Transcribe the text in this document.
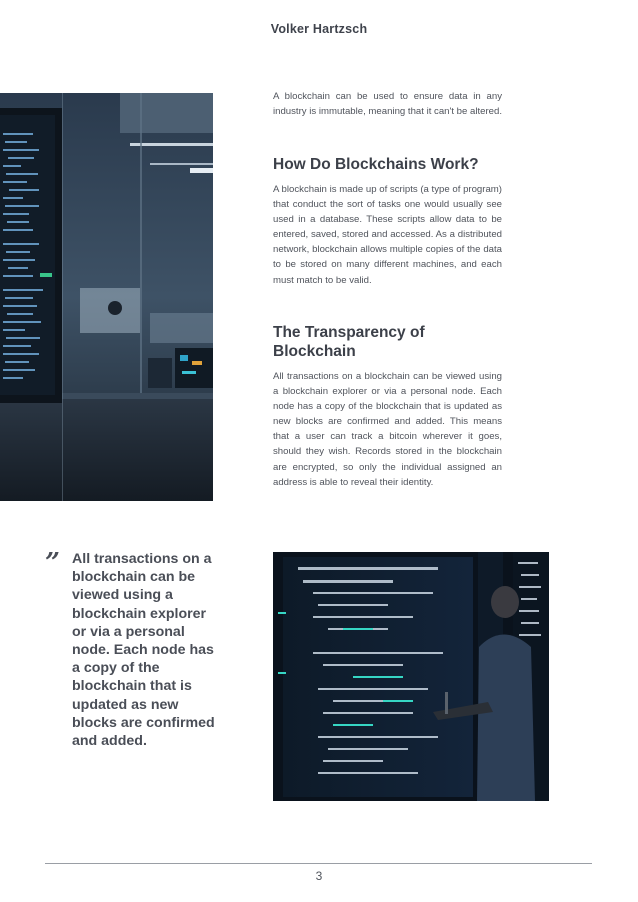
Volker Hartzsch

A blockchain can be used to ensure data in any industry is immutable, meaning that it can't be altered.

How Do Blockchains Work?

A blockchain is made up of scripts (a type of program) that conduct the sort of tasks one would usually see used in a database. These scripts allow data to be entered, saved, stored and accessed. As a distributed network, blockchain allows multiple copies of the data to be stored on many different machines, and each must match to be valid.

The Transparency of Blockchain

All transactions on a blockchain can be viewed using a blockchain explorer or via a personal node. Each node has a copy of the blockchain that is updated as new blocks are confirmed and added. This means that a user can track a bitcoin wherever it goes, should they wish. Records stored in the blockchain are encrypted, so only the individual assigned an address is able to reveal their identity.

” All transactions on a blockchain can be viewed using a blockchain explorer or via a personal node. Each node has a copy of the blockchain that is updated as new blocks are confirmed and added.
3
